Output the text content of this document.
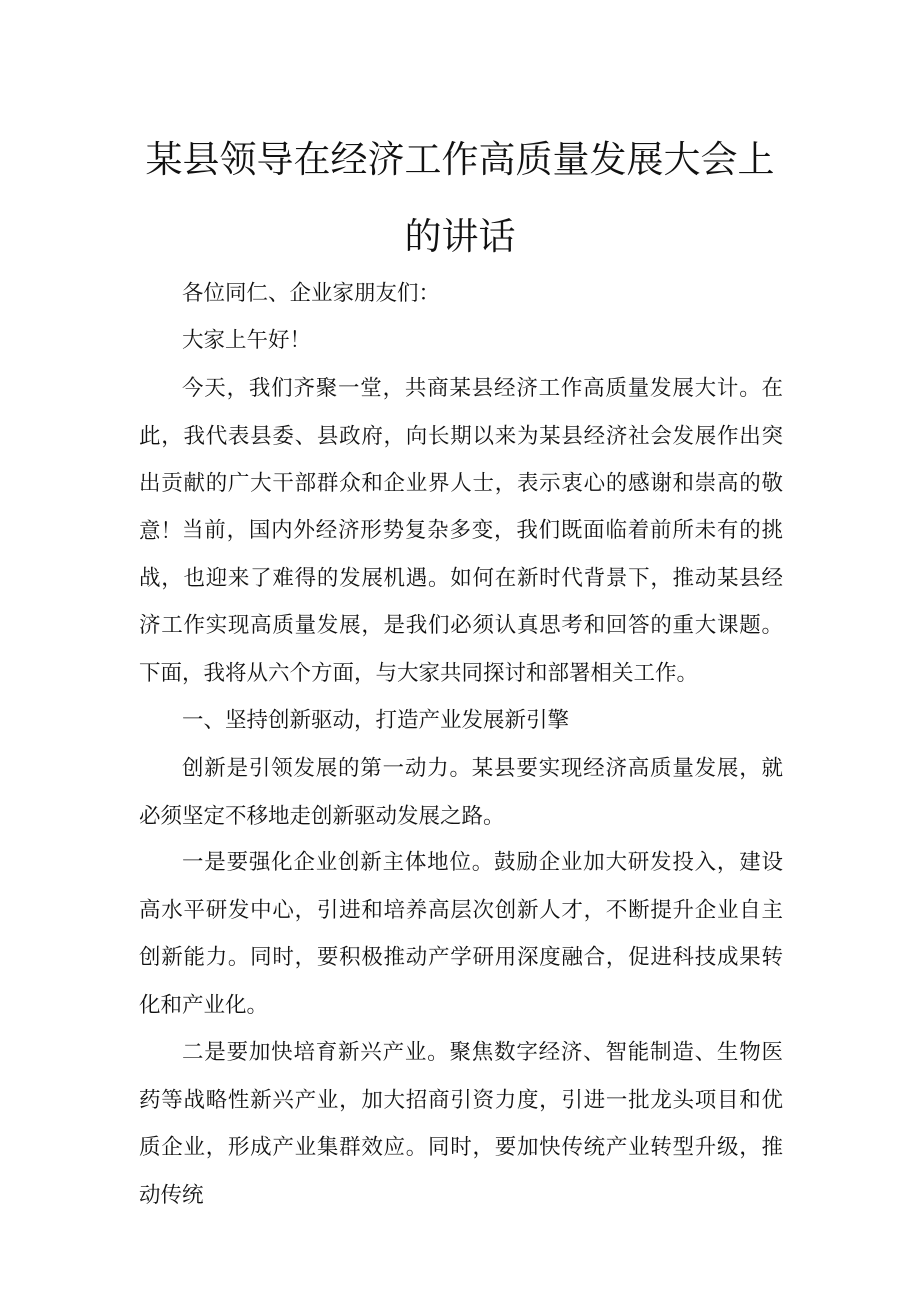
某县领导在经济工作高质量发展大会上
的讲话

各位同仁、企业家朋友们：

大家上午好！

今天，我们齐聚一堂，共商某县经济工作高质量发展大计。在此，我代表县委、县政府，向长期以来为某县经济社会发展作出突出贡献的广大干部群众和企业界人士，表示衷心的感谢和崇高的敬意！ 当前，国内外经济形势复杂多变，我们既面临着前所未有的挑战，也迎来了难得的发展机遇。如何在新时代背景下，推动某县经济工作实现高质量发展，是我们必须认真思考和回答的重大课题。下面，我将从六个方面，与大家共同探讨和部署相关工作。

一、坚持创新驱动，打造产业发展新引擎

创新是引领发展的第一动力。某县要实现经济高质量发展，就必须坚定不移地走创新驱动发展之路。

一是要强化企业创新主体地位。鼓励企业加大研发投入，建设高水平研发中心，引进和培养高层次创新人才，不断提升企业自主创新能力。同时，要积极推动产学研用深度融合，促进科技成果转化和产业化。

二是要加快培育新兴产业。聚焦数字经济、智能制造、生物医药等战略性新兴产业，加大招商引资力度，引进一批龙头项目和优质企业，形成产业集群效应。同时，要加快传统产业转型升级，推动传统
